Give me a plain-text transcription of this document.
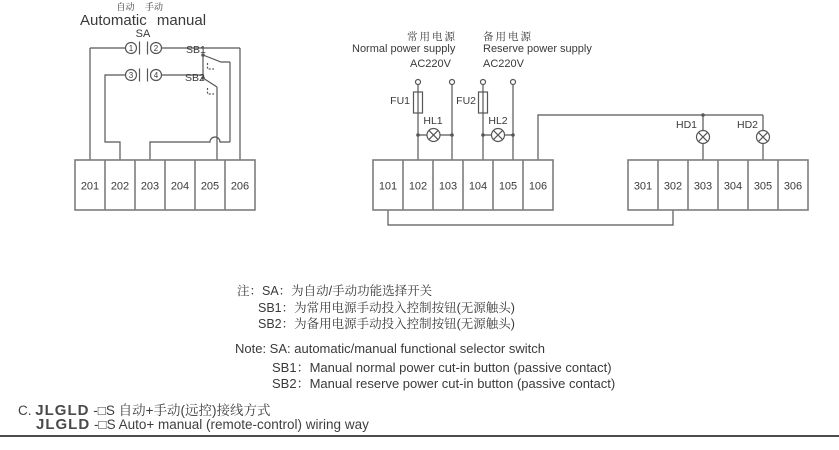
自动 手动
Automatic manual
SA
SB1
SB2
1	2
3	4
常用电源
Normal power supply
备用电源
Reserve power supply
AC220V	AC220V
FU1	FU2
HL1	HL2	HD1	HD2
201 202 203 204 205 206	101 102 103 104 105 106	301 302 303 304 305 306
注：SA：为自动/手动功能选择开关
SB1：为常用电源手动投入控制按钮(无源触头)
SB2：为备用电源手动投入控制按钮(无源触头)
Note: SA: automatic/manual functional selector switch
SB1：Manual normal power cut-in button (passive contact)
SB2：Manual reserve power cut-in button (passive contact)
C. JLGLD -□S 自动+手动(远控)接线方式
JLGLD -□S Auto+ manual (remote-control) wiring way
